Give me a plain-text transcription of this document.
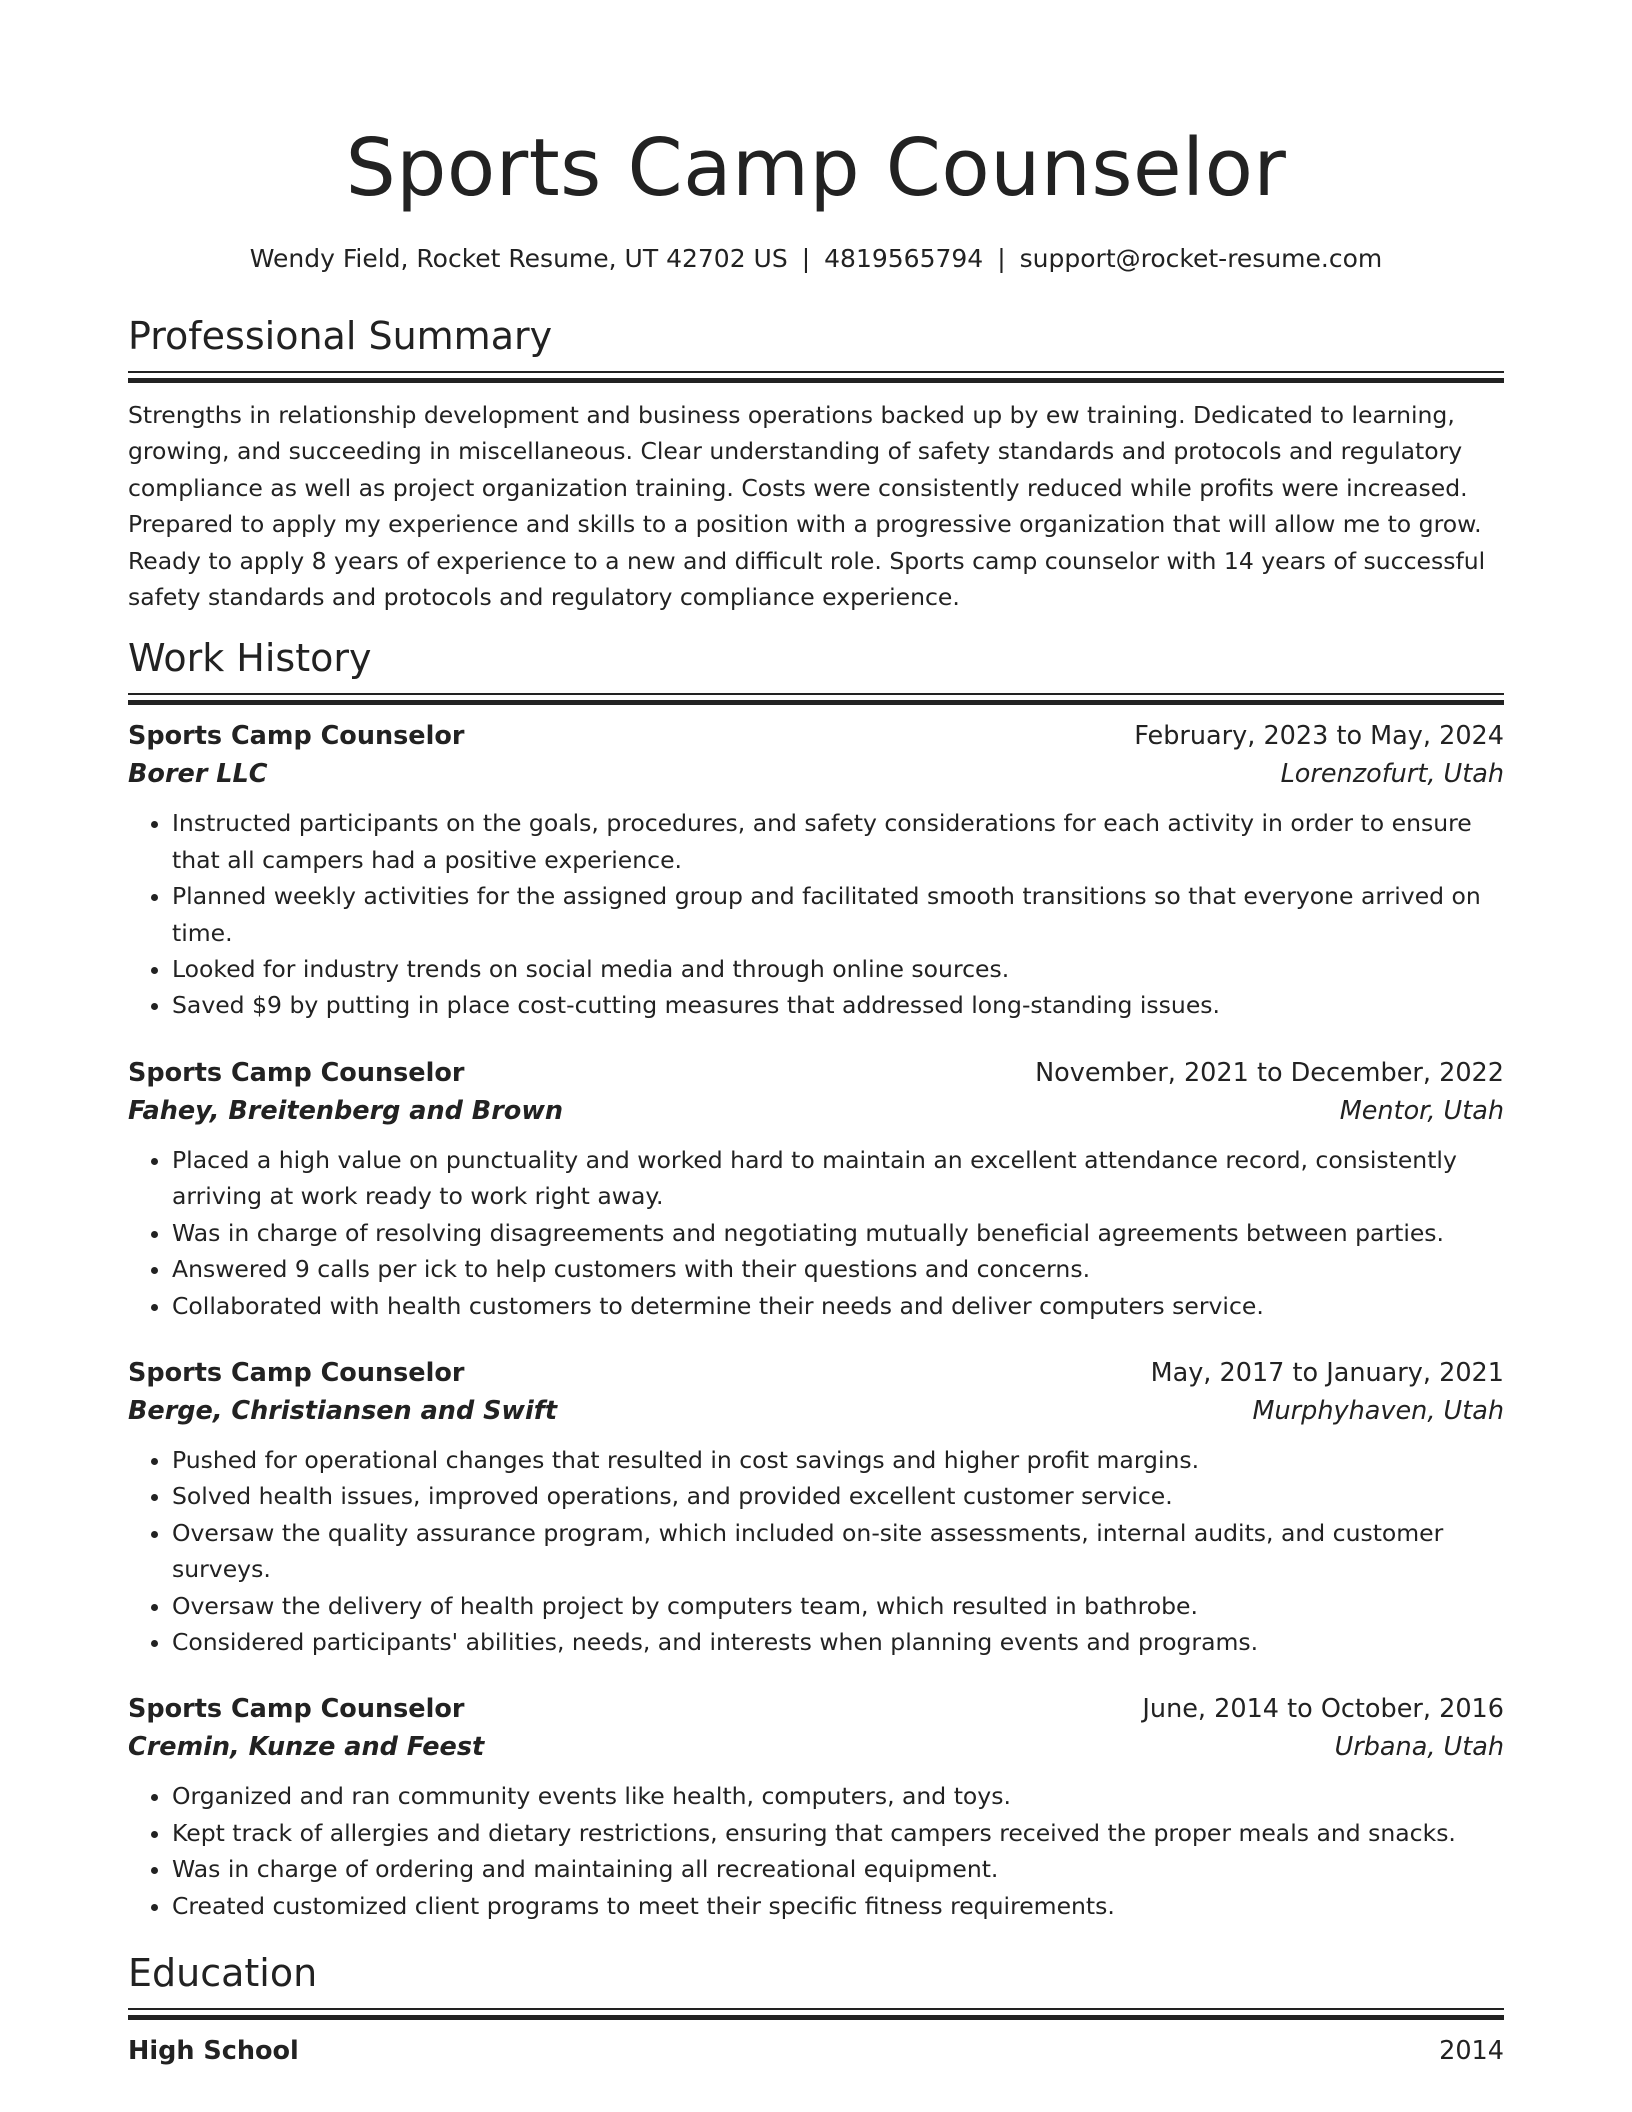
Sports Camp Counselor
Wendy Field, Rocket Resume, UT 42702 US | 4819565794 | support@rocket-resume.com
Professional Summary
Strengths in relationship development and business operations backed up by ew training. Dedicated to learning, growing, and succeeding in miscellaneous. Clear understanding of safety standards and protocols and regulatory compliance as well as project organization training. Costs were consistently reduced while profits were increased. Prepared to apply my experience and skills to a position with a progressive organization that will allow me to grow. Ready to apply 8 years of experience to a new and difficult role. Sports camp counselor with 14 years of successful safety standards and protocols and regulatory compliance experience.
Work History
Sports Camp Counselor	February, 2023 to May, 2024
Borer LLC	Lorenzofurt, Utah
• Instructed participants on the goals, procedures, and safety considerations for each activity in order to ensure that all campers had a positive experience.
• Planned weekly activities for the assigned group and facilitated smooth transitions so that everyone arrived on time.
• Looked for industry trends on social media and through online sources.
• Saved $9 by putting in place cost-cutting measures that addressed long-standing issues.
Sports Camp Counselor	November, 2021 to December, 2022
Fahey, Breitenberg and Brown	Mentor, Utah
• Placed a high value on punctuality and worked hard to maintain an excellent attendance record, consistently arriving at work ready to work right away.
• Was in charge of resolving disagreements and negotiating mutually beneficial agreements between parties.
• Answered 9 calls per ick to help customers with their questions and concerns.
• Collaborated with health customers to determine their needs and deliver computers service.
Sports Camp Counselor	May, 2017 to January, 2021
Berge, Christiansen and Swift	Murphyhaven, Utah
• Pushed for operational changes that resulted in cost savings and higher profit margins.
• Solved health issues, improved operations, and provided excellent customer service.
• Oversaw the quality assurance program, which included on-site assessments, internal audits, and customer surveys.
• Oversaw the delivery of health project by computers team, which resulted in bathrobe.
• Considered participants' abilities, needs, and interests when planning events and programs.
Sports Camp Counselor	June, 2014 to October, 2016
Cremin, Kunze and Feest	Urbana, Utah
• Organized and ran community events like health, computers, and toys.
• Kept track of allergies and dietary restrictions, ensuring that campers received the proper meals and snacks.
• Was in charge of ordering and maintaining all recreational equipment.
• Created customized client programs to meet their specific fitness requirements.
Education
High School	2014
